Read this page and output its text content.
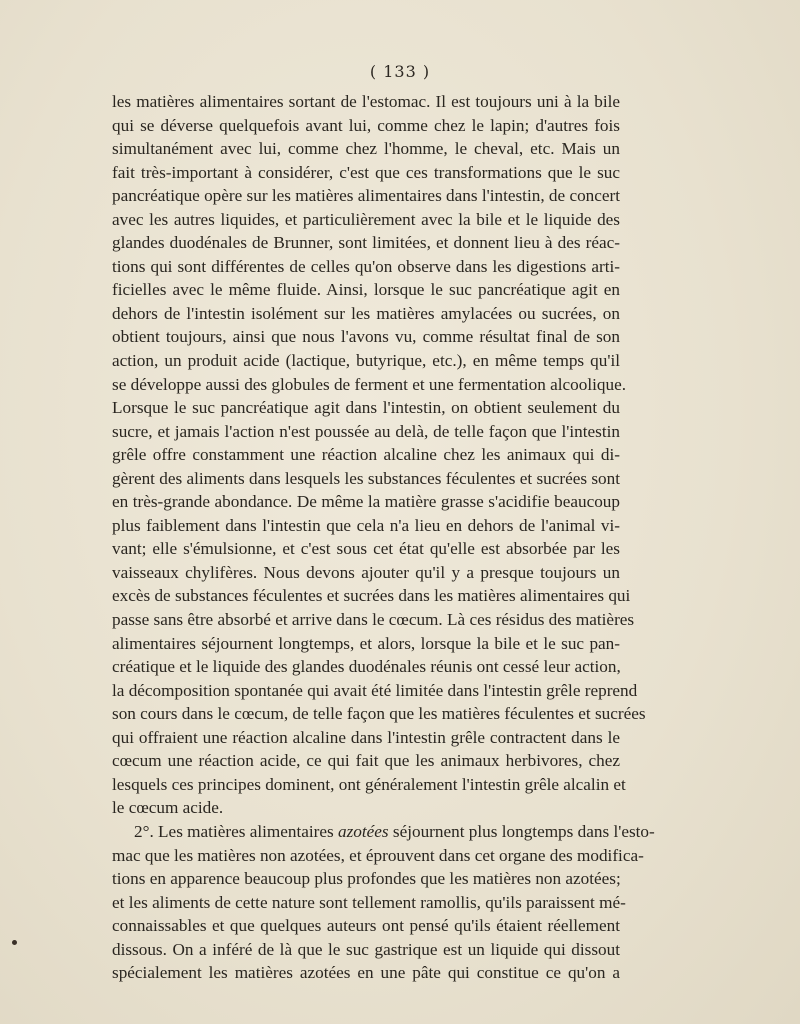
( 133 )
les matières alimentaires sortant de l'estomac. Il est toujours uni à la bile
qui se déverse quelquefois avant lui, comme chez le lapin; d'autres fois
simultanément avec lui, comme chez l'homme, le cheval, etc. Mais un
fait très-important à considérer, c'est que ces transformations que le suc
pancréatique opère sur les matières alimentaires dans l'intestin, de concert
avec les autres liquides, et particulièrement avec la bile et le liquide des
glandes duodénales de Brunner, sont limitées, et donnent lieu à des réac-
tions qui sont différentes de celles qu'on observe dans les digestions arti-
ficielles avec le même fluide. Ainsi, lorsque le suc pancréatique agit en
dehors de l'intestin isolément sur les matières amylacées ou sucrées, on
obtient toujours, ainsi que nous l'avons vu, comme résultat final de son
action, un produit acide (lactique, butyrique, etc.), en même temps qu'il
se développe aussi des globules de ferment et une fermentation alcoolique.
Lorsque le suc pancréatique agit dans l'intestin, on obtient seulement du
sucre, et jamais l'action n'est poussée au delà, de telle façon que l'intestin
grêle offre constamment une réaction alcaline chez les animaux qui di-
gèrent des aliments dans lesquels les substances féculentes et sucrées sont
en très-grande abondance. De même la matière grasse s'acidifie beaucoup
plus faiblement dans l'intestin que cela n'a lieu en dehors de l'animal vi-
vant; elle s'émulsionne, et c'est sous cet état qu'elle est absorbée par les
vaisseaux chylifères. Nous devons ajouter qu'il y a presque toujours un
excès de substances féculentes et sucrées dans les matières alimentaires qui
passe sans être absorbé et arrive dans le cœcum. Là ces résidus des matières
alimentaires séjournent longtemps, et alors, lorsque la bile et le suc pan-
créatique et le liquide des glandes duodénales réunis ont cessé leur action,
la décomposition spontanée qui avait été limitée dans l'intestin grêle reprend
son cours dans le cœcum, de telle façon que les matières féculentes et sucrées
qui offraient une réaction alcaline dans l'intestin grêle contractent dans le
cœcum une réaction acide, ce qui fait que les animaux herbivores, chez
lesquels ces principes dominent, ont généralement l'intestin grêle alcalin et
le cœcum acide.
2°. Les matières alimentaires azotées séjournent plus longtemps dans l'esto-
mac que les matières non azotées, et éprouvent dans cet organe des modifica-
tions en apparence beaucoup plus profondes que les matières non azotées;
et les aliments de cette nature sont tellement ramollis, qu'ils paraissent mé-
connaissables et que quelques auteurs ont pensé qu'ils étaient réellement
dissous. On a inféré de là que le suc gastrique est un liquide qui dissout
spécialement les matières azotées en une pâte qui constitue ce qu'on a
